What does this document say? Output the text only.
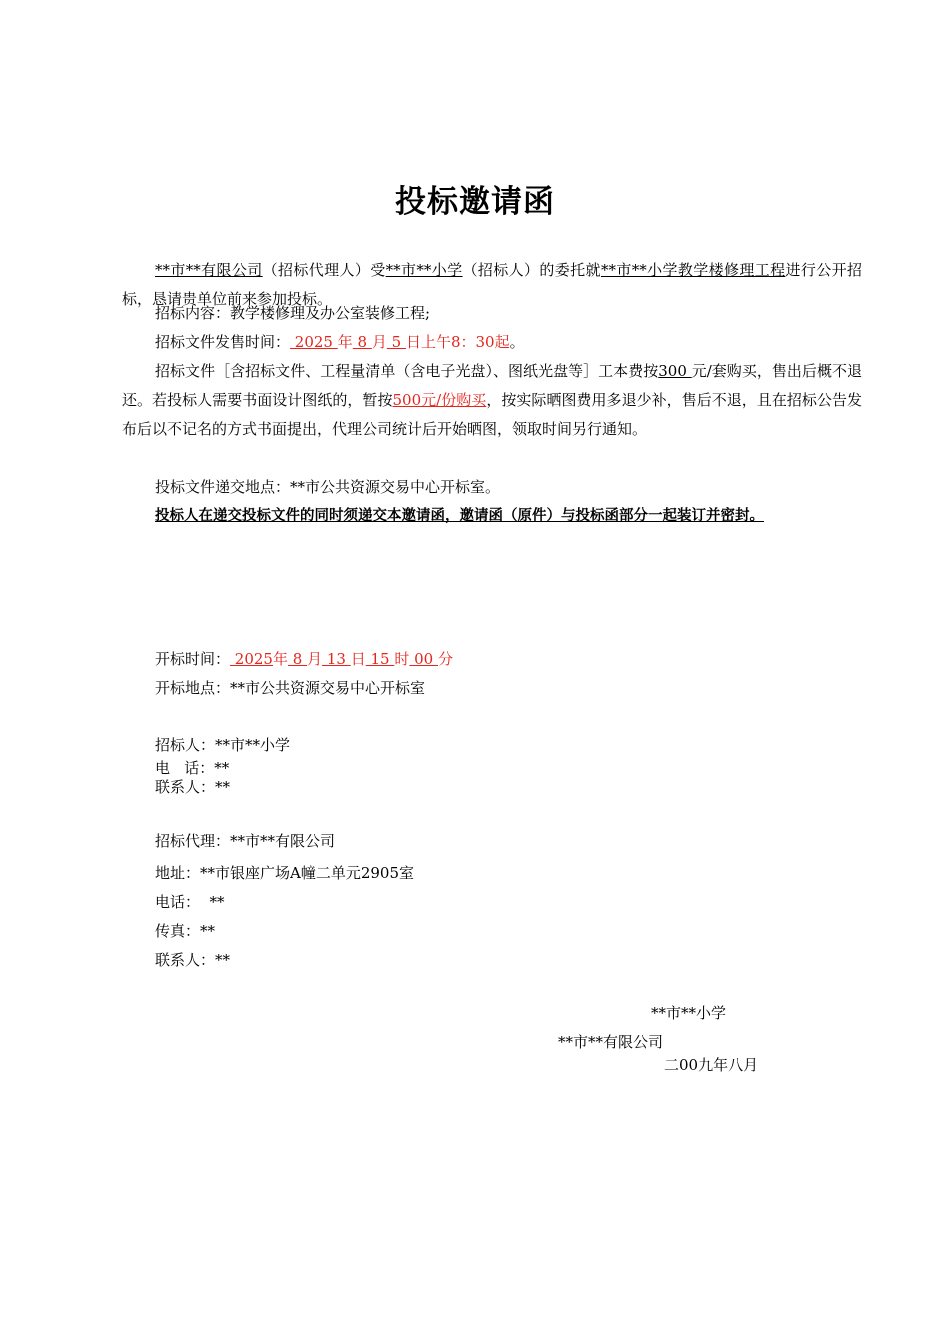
投标邀请函
**市**有限公司（招标代理人）受**市**小学（招标人）的委托就**市**小学教学楼修理工程进行公开招标，恳请贵单位前来参加投标。
招标内容：教学楼修理及办公室装修工程;
招标文件发售时间： 2025 年 8 月 5 日上午8：30起。
招标文件［含招标文件、工程量清单（含电子光盘）、图纸光盘等］工本费按300 元/套购买，售出后概不退还。若投标人需要书面设计图纸的，暂按500元/份购买，按实际晒图费用多退少补，售后不退，且在招标公告发布后以不记名的方式书面提出，代理公司统计后开始晒图，领取时间另行通知。
投标文件递交地点：**市公共资源交易中心开标室。
投标人在递交投标文件的同时须递交本邀请函，邀请函（原件）与投标函部分一起装订并密封。
开标时间： 2025年 8 月 13 日 15 时 00 分
开标地点：**市公共资源交易中心开标室
招标人：**市**小学
电   话：**
联系人：**
招标代理：**市**有限公司
地址：**市银座广场A幢二单元2905室
电话：  **
传真：**
联系人：**
**市**小学
**市**有限公司
二00九年八月
